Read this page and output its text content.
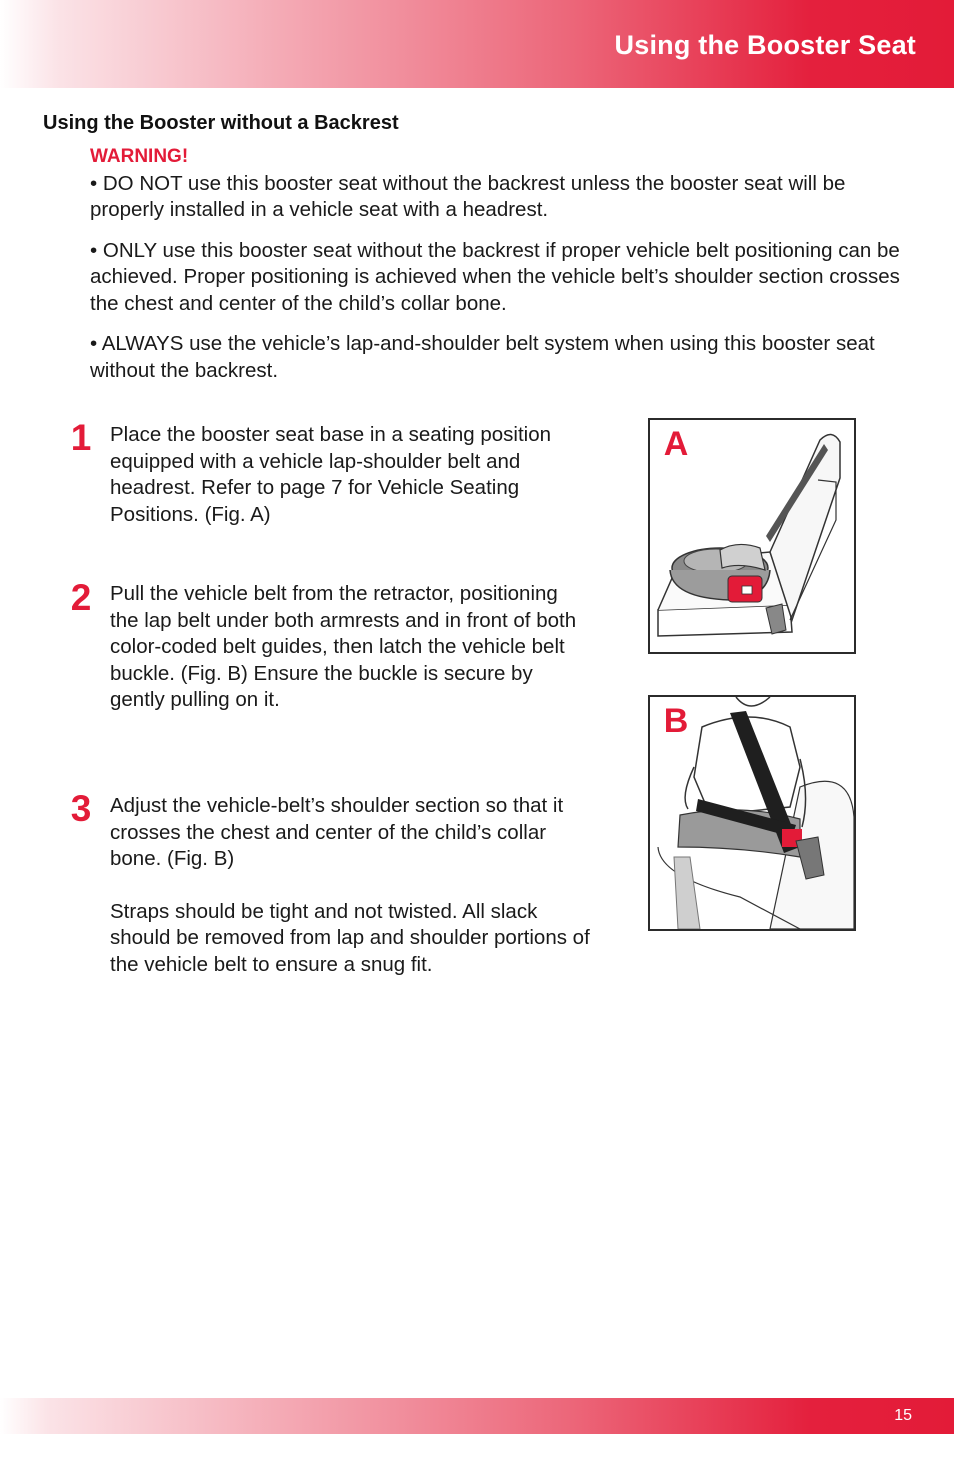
Using the Booster Seat
Using the Booster without a Backrest
WARNING!

• DO NOT use this booster seat without the backrest unless the booster seat will be properly installed in a vehicle seat with a headrest.

• ONLY use this booster seat without the backrest if proper vehicle belt positioning can be achieved. Proper positioning is achieved when the vehicle belt’s shoulder section crosses the chest and center of the child’s collar bone.

• ALWAYS use the vehicle’s lap-and-shoulder belt system when using this booster seat without the backrest.

1 Place the booster seat base in a seating position equipped with a vehicle lap-shoulder belt and headrest. Refer to page 7 for Vehicle Seating Positions. (Fig. A)

2 Pull the vehicle belt from the retractor, positioning the lap belt under both armrests and in front of both color-coded belt guides, then latch the vehicle belt buckle. (Fig. B) Ensure the buckle is secure by gently pulling on it.

3 Adjust the vehicle-belt’s shoulder section so that it crosses the chest and center of the child’s collar bone. (Fig. B)

Straps should be tight and not twisted. All slack should be removed from lap and shoulder portions of the vehicle belt to ensure a snug fit.

A
B
15
